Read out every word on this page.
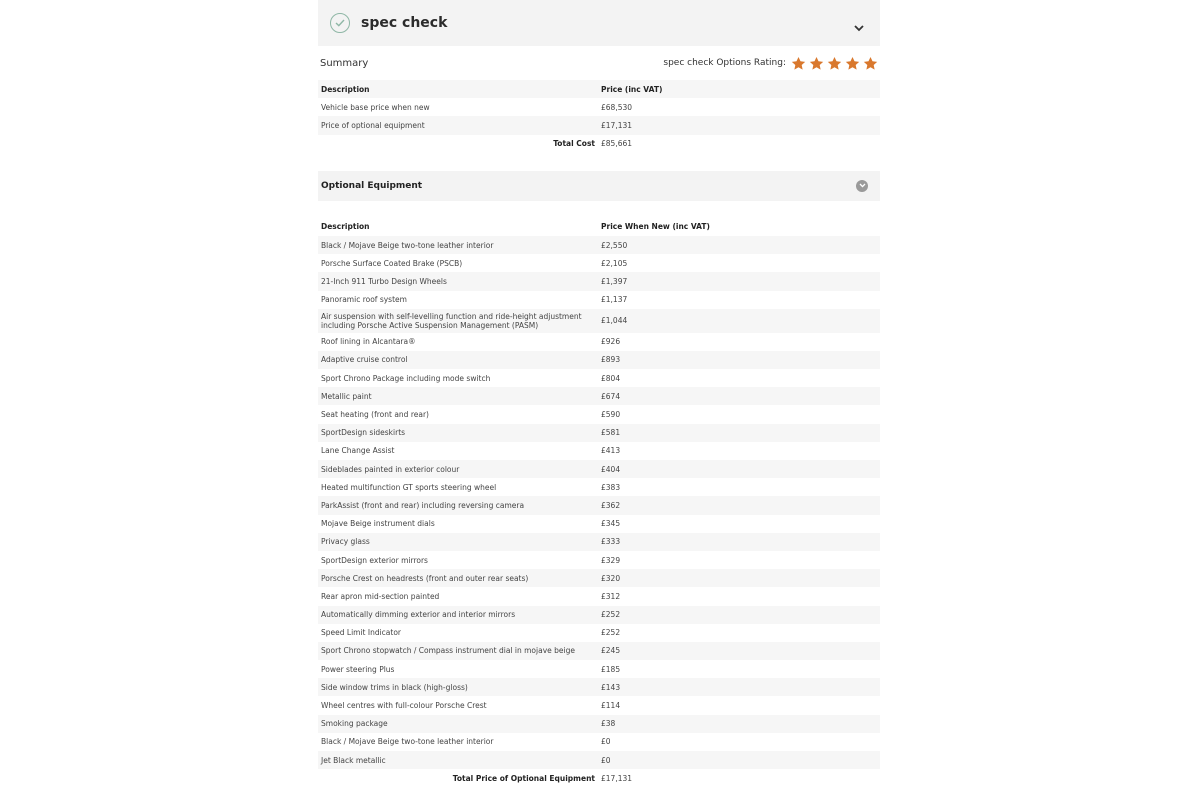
spec check
Summary	spec check Options Rating:
Description	Price (inc VAT)
Vehicle base price when new	£68,530
Price of optional equipment	£17,131
Total Cost	£85,661
Optional Equipment
Description	Price When New (inc VAT)
Black / Mojave Beige two-tone leather interior	£2,550
Porsche Surface Coated Brake (PSCB)	£2,105
21-Inch 911 Turbo Design Wheels	£1,397
Panoramic roof system	£1,137
Air suspension with self-levelling function and ride-height adjustment including Porsche Active Suspension Management (PASM)	£1,044
Roof lining in Alcantara®	£926
Adaptive cruise control	£893
Sport Chrono Package including mode switch	£804
Metallic paint	£674
Seat heating (front and rear)	£590
SportDesign sideskirts	£581
Lane Change Assist	£413
Sideblades painted in exterior colour	£404
Heated multifunction GT sports steering wheel	£383
ParkAssist (front and rear) including reversing camera	£362
Mojave Beige instrument dials	£345
Privacy glass	£333
SportDesign exterior mirrors	£329
Porsche Crest on headrests (front and outer rear seats)	£320
Rear apron mid-section painted	£312
Automatically dimming exterior and interior mirrors	£252
Speed Limit Indicator	£252
Sport Chrono stopwatch / Compass instrument dial in mojave beige	£245
Power steering Plus	£185
Side window trims in black (high-gloss)	£143
Wheel centres with full-colour Porsche Crest	£114
Smoking package	£38
Black / Mojave Beige two-tone leather interior	£0
Jet Black metallic	£0
Total Price of Optional Equipment	£17,131
